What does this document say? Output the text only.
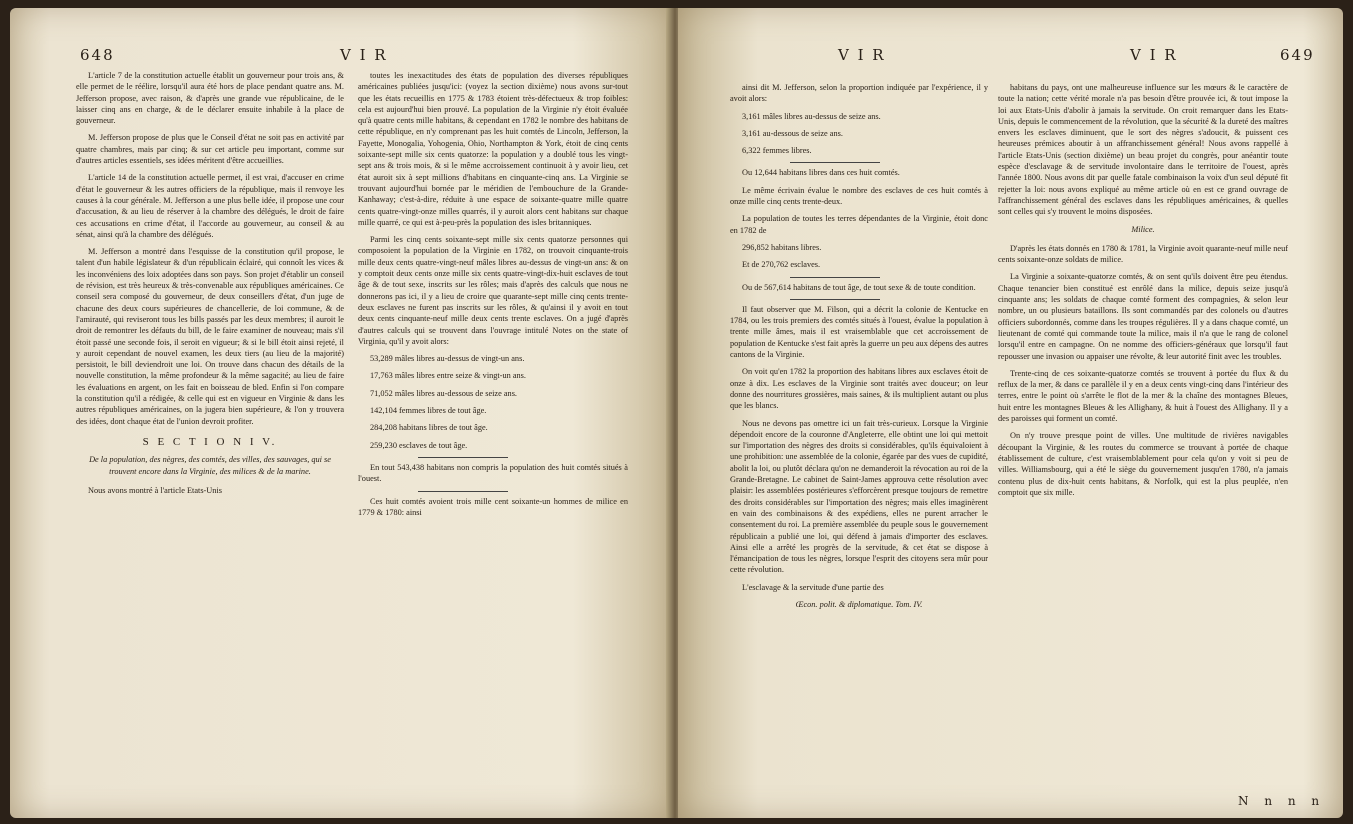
648	V I R

L'article 7 de la constitution actuelle établit un gouverneur pour trois ans, & elle permet de le réélire, lorsqu'il aura été hors de place pendant quatre ans. M. Jefferson propose, avec raison, & d'après une grande vue républicaine, de le laisser cinq ans en charge, & de le déclarer ensuite inhabile à la place de gouverneur.

M. Jefferson propose de plus que le Conseil d'état ne soit pas en activité par quatre chambres, mais par cinq; & sur cet article peu important, comme sur d'autres articles essentiels, ses idées méritent d'être accueillies.

L'article 14 de la constitution actuelle permet, il est vrai, d'accuser en crime d'état le gouverneur & les autres officiers de la république, mais il renvoye les causes à la cour générale. M. Jefferson a une plus belle idée, il propose une cour d'accusation, & au lieu de réserver à la chambre des délégués, le droit de faire ces accusations en crime d'état, il l'accorde au gouverneur, au conseil & au sénat, ainsi qu'à la chambre des délégués.

M. Jefferson a montré dans l'esquisse de la constitution qu'il propose, le talent d'un habile législateur & d'un républicain éclairé, qui connoît les vices & les inconvéniens des loix adoptées dans son pays. Son projet d'établir un conseil de révision, est très heureux & très-convenable aux républiques américaines. Ce conseil sera composé du gouverneur, de deux conseillers d'état, d'un juge de chacune des deux cours supérieures de chancellerie, de loi commune, & de l'amirauté, qui reviseront tous les bills passés par les deux membres; il auroit le droit de remontrer les défauts du bill, de le faire examiner de nouveau; mais s'il étoit passé une seconde fois, il seroit en vigueur; & si le bill étoit ainsi rejeté, il y auroit cependant de nouvel examen, les deux tiers (au lieu de la majorité) persistoit, le bill deviendroit une loi. On trouve dans chacun des détails de la nouvelle constitution, la même profondeur & la même sagacité; au lieu de faire les évaluations en argent, on les fait en boisseau de bled. Enfin si l'on compare la constitution qu'il a rédigée, & celle qui est en vigueur en Virginie & dans les autres républiques américaines, on la jugera bien supérieure, & l'on y trouvera des idées, dont chaque état de l'union devroit profiter.

S E C T I O N I V.

De la population, des nègres, des comtés, des villes, des sauvages, qui se trouvent encore dans la Virginie, des milices & de la marine.

Nous avons montré à l'article Etats-Unis

toutes les inexactitudes des états de population des diverses républiques américaines publiées jusqu'ici: (voyez la section dixième) nous avons sur-tout que les états recueillis en 1775 & 1783 étoient très-défectueux & trop foibles: cela est aujourd'hui bien prouvé. La population de la Virginie n'y étoit évaluée qu'à quatre cents mille habitans, & cependant en 1782 le nombre des habitans de cette république, en n'y comprenant pas les huit comtés de Lincoln, Jefferson, la Fayette, Monogalia, Yohogenia, Ohio, Northampton & York, étoit de cinq cents soixante-sept mille six cents quatorze: la population y a doublé tous les vingt-sept ans & trois mois, & si le même accroissement continuoit à y avoir lieu, cet état auroit six à sept millions d'habitans en cinquante-cinq ans. La Virginie se trouvant aujourd'hui bornée par le méridien de l'embouchure de la Grande-Kanhaway; c'est-à-dire, réduite à une espace de soixante-quatre mille quatre cents quatre-vingt-onze milles quarrés, il y auroit alors cent habitans sur chaque mille quarré, ce qui est à-peu-près la population des isles britanniques.

Parmi les cinq cents soixante-sept mille six cents quatorze personnes qui composoient la population de la Virginie en 1782, on trouvoit cinquante-trois mille deux cents quatre-vingt-neuf mâles libres au-dessus de vingt-un ans: & on y comptoit deux cents onze mille six cents quatre-vingt-dix-huit esclaves de tout âge & de tout sexe, inscrits sur les rôles; mais d'après des calculs que nous ne donnerons pas ici, il y a lieu de croire que quarante-sept mille cinq cents trente-deux esclaves ne furent pas inscrits sur les rôles, & qu'ainsi il y avoit en tout deux cents cinquante-neuf mille deux cents trente esclaves. On a jugé d'après d'autres calculs qui se trouvent dans l'ouvrage intitulé Notes on the state of Virginia, qu'il y avoit alors:

53,289 mâles libres au-dessus de vingt-un ans.

17,763 mâles libres entre seize & vingt-un ans.

71,052 mâles libres au-dessous de seize ans.

142,104 femmes libres de tout âge.

284,208 habitans libres de tout âge.

259,230 esclaves de tout âge.

En tout 543,438 habitans non compris la population des huit comtés situés à l'ouest.

Ces huit comtés avoient trois mille cent soixante-un hommes de milice en 1779 & 1780: ainsi

V I R	V I R	649

ainsi dit M. Jefferson, selon la proportion indiquée par l'expérience, il y avoit alors:

3,161 mâles libres au-dessus de seize ans.

3,161 au-dessous de seize ans.

6,322 femmes libres.

Ou 12,644 habitans libres dans ces huit comtés.

Le même écrivain évalue le nombre des esclaves de ces huit comtés à onze mille cinq cents trente-deux.

La population de toutes les terres dépendantes de la Virginie, étoit donc en 1782 de

296,852 habitans libres.

Et de 270,762 esclaves.

Ou de 567,614 habitans de tout âge, de tout sexe & de toute condition.

Il faut observer que M. Filson, qui a décrit la colonie de Kentucke en 1784, ou les trois premiers des comtés situés à l'ouest, évalue la population à trente mille âmes, mais il est vraisemblable que cet accroissement de population de Kentucke s'est fait après la guerre un peu aux dépens des autres cantons de la Virginie.

On voit qu'en 1782 la proportion des habitans libres aux esclaves étoit de onze à dix. Les esclaves de la Virginie sont traités avec douceur; on leur donne des nourritures grossières, mais saines, & ils multiplient autant ou plus que les blancs.

Nous ne devons pas omettre ici un fait très-curieux. Lorsque la Virginie dépendoit encore de la couronne d'Angleterre, elle obtint une loi qui mettoit sur l'importation des nègres des droits si considérables, qu'ils équivaloient à une prohibition: une assemblée de la colonie, égarée par des vues de cupidité, abolit la loi, ou plutôt déclara qu'on ne demanderoit la révocation au roi de la Grande-Bretagne. Le cabinet de Saint-James approuva cette résolution avec plaisir: les assemblées postérieures s'efforcèrent presque toujours de remettre des droits considérables sur l'importation des nègres; mais elles imaginèrent en vain des combinaisons & des expédiens, elles ne purent arracher le consentement du roi. La première assemblée du peuple sous le gouvernement républicain a publié une loi, qui défend à jamais d'importer des esclaves. Ainsi elle a arrêté les progrès de la servitude, & cet état se dispose à l'émancipation de tous les nègres, lorsque l'esprit des citoyens sera mûr pour cette révolution.

L'esclavage & la servitude d'une partie des

Œcon. polit. & diplomatique. Tom. IV.

habitans du pays, ont une malheureuse influence sur les mœurs & le caractère de toute la nation; cette vérité morale n'a pas besoin d'être prouvée ici, & tout impose la loi aux Etats-Unis d'abolir à jamais la servitude. On croit remarquer dans les Etats-Unis, depuis le commencement de la révolution, que la sécurité & la dureté des maîtres envers les esclaves diminuent, que le sort des nègres s'adoucit, & puissent ces heureuses prémices aboutir à un affranchissement général! Nous avons rappellé à l'article Etats-Unis (section dixième) un beau projet du congrès, pour anéantir toute espèce d'esclavage & de servitude involontaire dans le territoire de l'ouest, après l'année 1800. Nous avons dit par quelle fatale combinaison la voix d'un seul député fit rejetter la loi: nous avons expliqué au même article où en est ce grand ouvrage de l'affranchissement général des esclaves dans les républiques américaines, & quelles sont celles qui s'y trouvent le moins disposées.

Milice.

D'après les états donnés en 1780 & 1781, la Virginie avoit quarante-neuf mille neuf cents soixante-onze soldats de milice.

La Virginie a soixante-quatorze comtés, & on sent qu'ils doivent être peu étendus. Chaque tenancier bien constitué est enrôlé dans la milice, depuis seize jusqu'à cinquante ans; les soldats de chaque comté forment des compagnies, & selon leur nombre, un ou plusieurs bataillons. Ils sont commandés par des colonels ou d'autres officiers subordonnés, comme dans les troupes régulières. Il y a dans chaque comté, un lieutenant de comté qui commande toute la milice, mais il n'a que le rang de colonel lorsqu'il entre en campagne. On ne nomme des officiers-généraux que lorsqu'il faut repousser une invasion ou appaiser une révolte, & leur autorité finit avec les troubles.

Trente-cinq de ces soixante-quatorze comtés se trouvent à portée du flux & du reflux de la mer, & dans ce parallèle il y en a deux cents vingt-cinq dans l'intérieur des terres, entre le point où s'arrête le flot de la mer & la chaîne des montagnes Bleues, huit entre les montagnes Bleues & les Allighany, & huit à l'ouest des Allighany. Il y a des paroisses qui forment un comté.

On n'y trouve presque point de villes. Une multitude de rivières navigables découpant la Virginie, & les routes du commerce se trouvant à portée de chaque établissement de culture, c'est vraisemblablement pour cela qu'on y voit si peu de villes. Williamsbourg, qui a été le siège du gouvernement jusqu'en 1780, n'a jamais contenu plus de dix-huit cents habitans, & Norfolk, qui est la plus peuplée, n'en comptoit que six mille.

N n n n
